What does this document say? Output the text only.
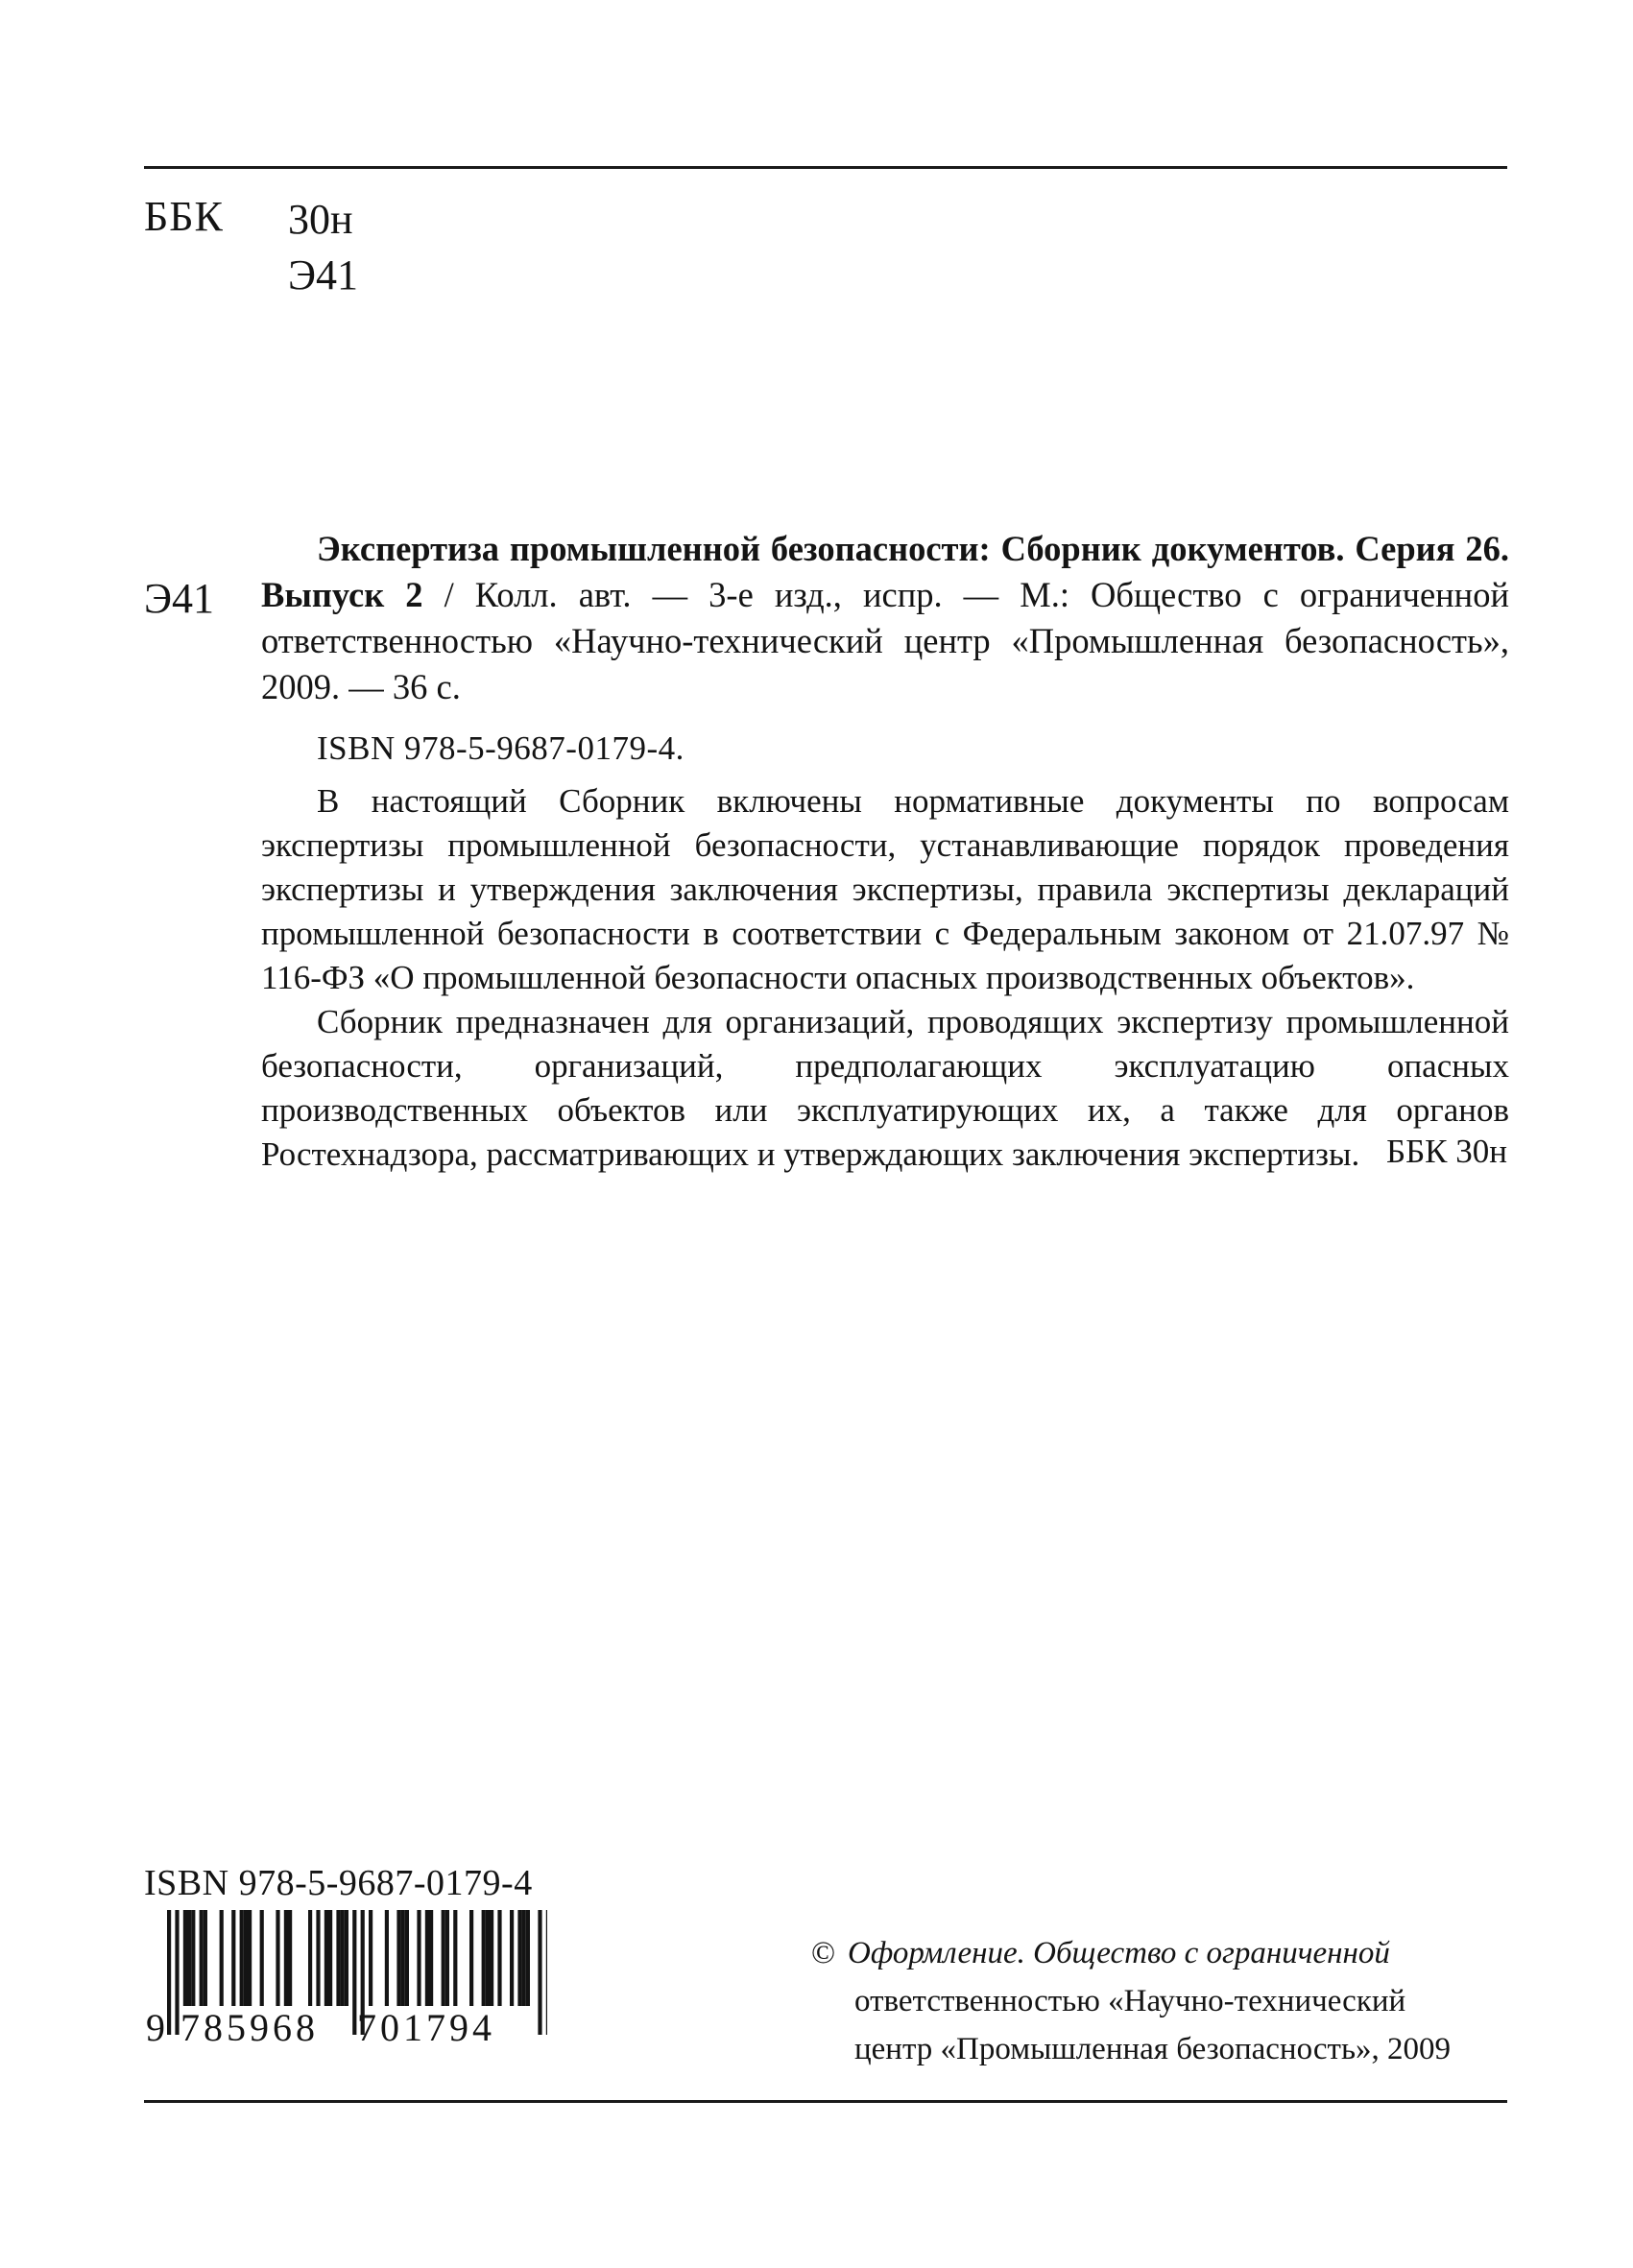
ББК 30н
Э41
Э41
Экспертиза промышленной безопасности: Сборник документов. Серия 26. Выпуск 2 / Колл. авт. — 3-е изд., испр. — М.: Общество с ограниченной ответственностью «Научно-технический центр «Промышленная безопасность», 2009. — 36 с.
ISBN 978-5-9687-0179-4.

В настоящий Сборник включены нормативные документы по вопросам экспертизы промышленной безопасности, устанавливающие порядок проведения экспертизы и утверждения заключения экспертизы, правила экспертизы деклараций промышленной безопасности в соответствии с Федеральным законом от 21.07.97 № 116-ФЗ «О промышленной безопасности опасных производственных объектов».

Сборник предназначен для организаций, проводящих экспертизу промышленной безопасности, организаций, предполагающих эксплуатацию опасных производственных объектов или эксплуатирующих их, а также для органов Ростехнадзора, рассматривающих и утверждающих заключения экспертизы. ББК 30н
ISBN 978-5-9687-0179-4
9 785968 701794
© Оформление. Общество с ограниченной
ответственностью «Научно-технический
центр «Промышленная безопасность», 2009
